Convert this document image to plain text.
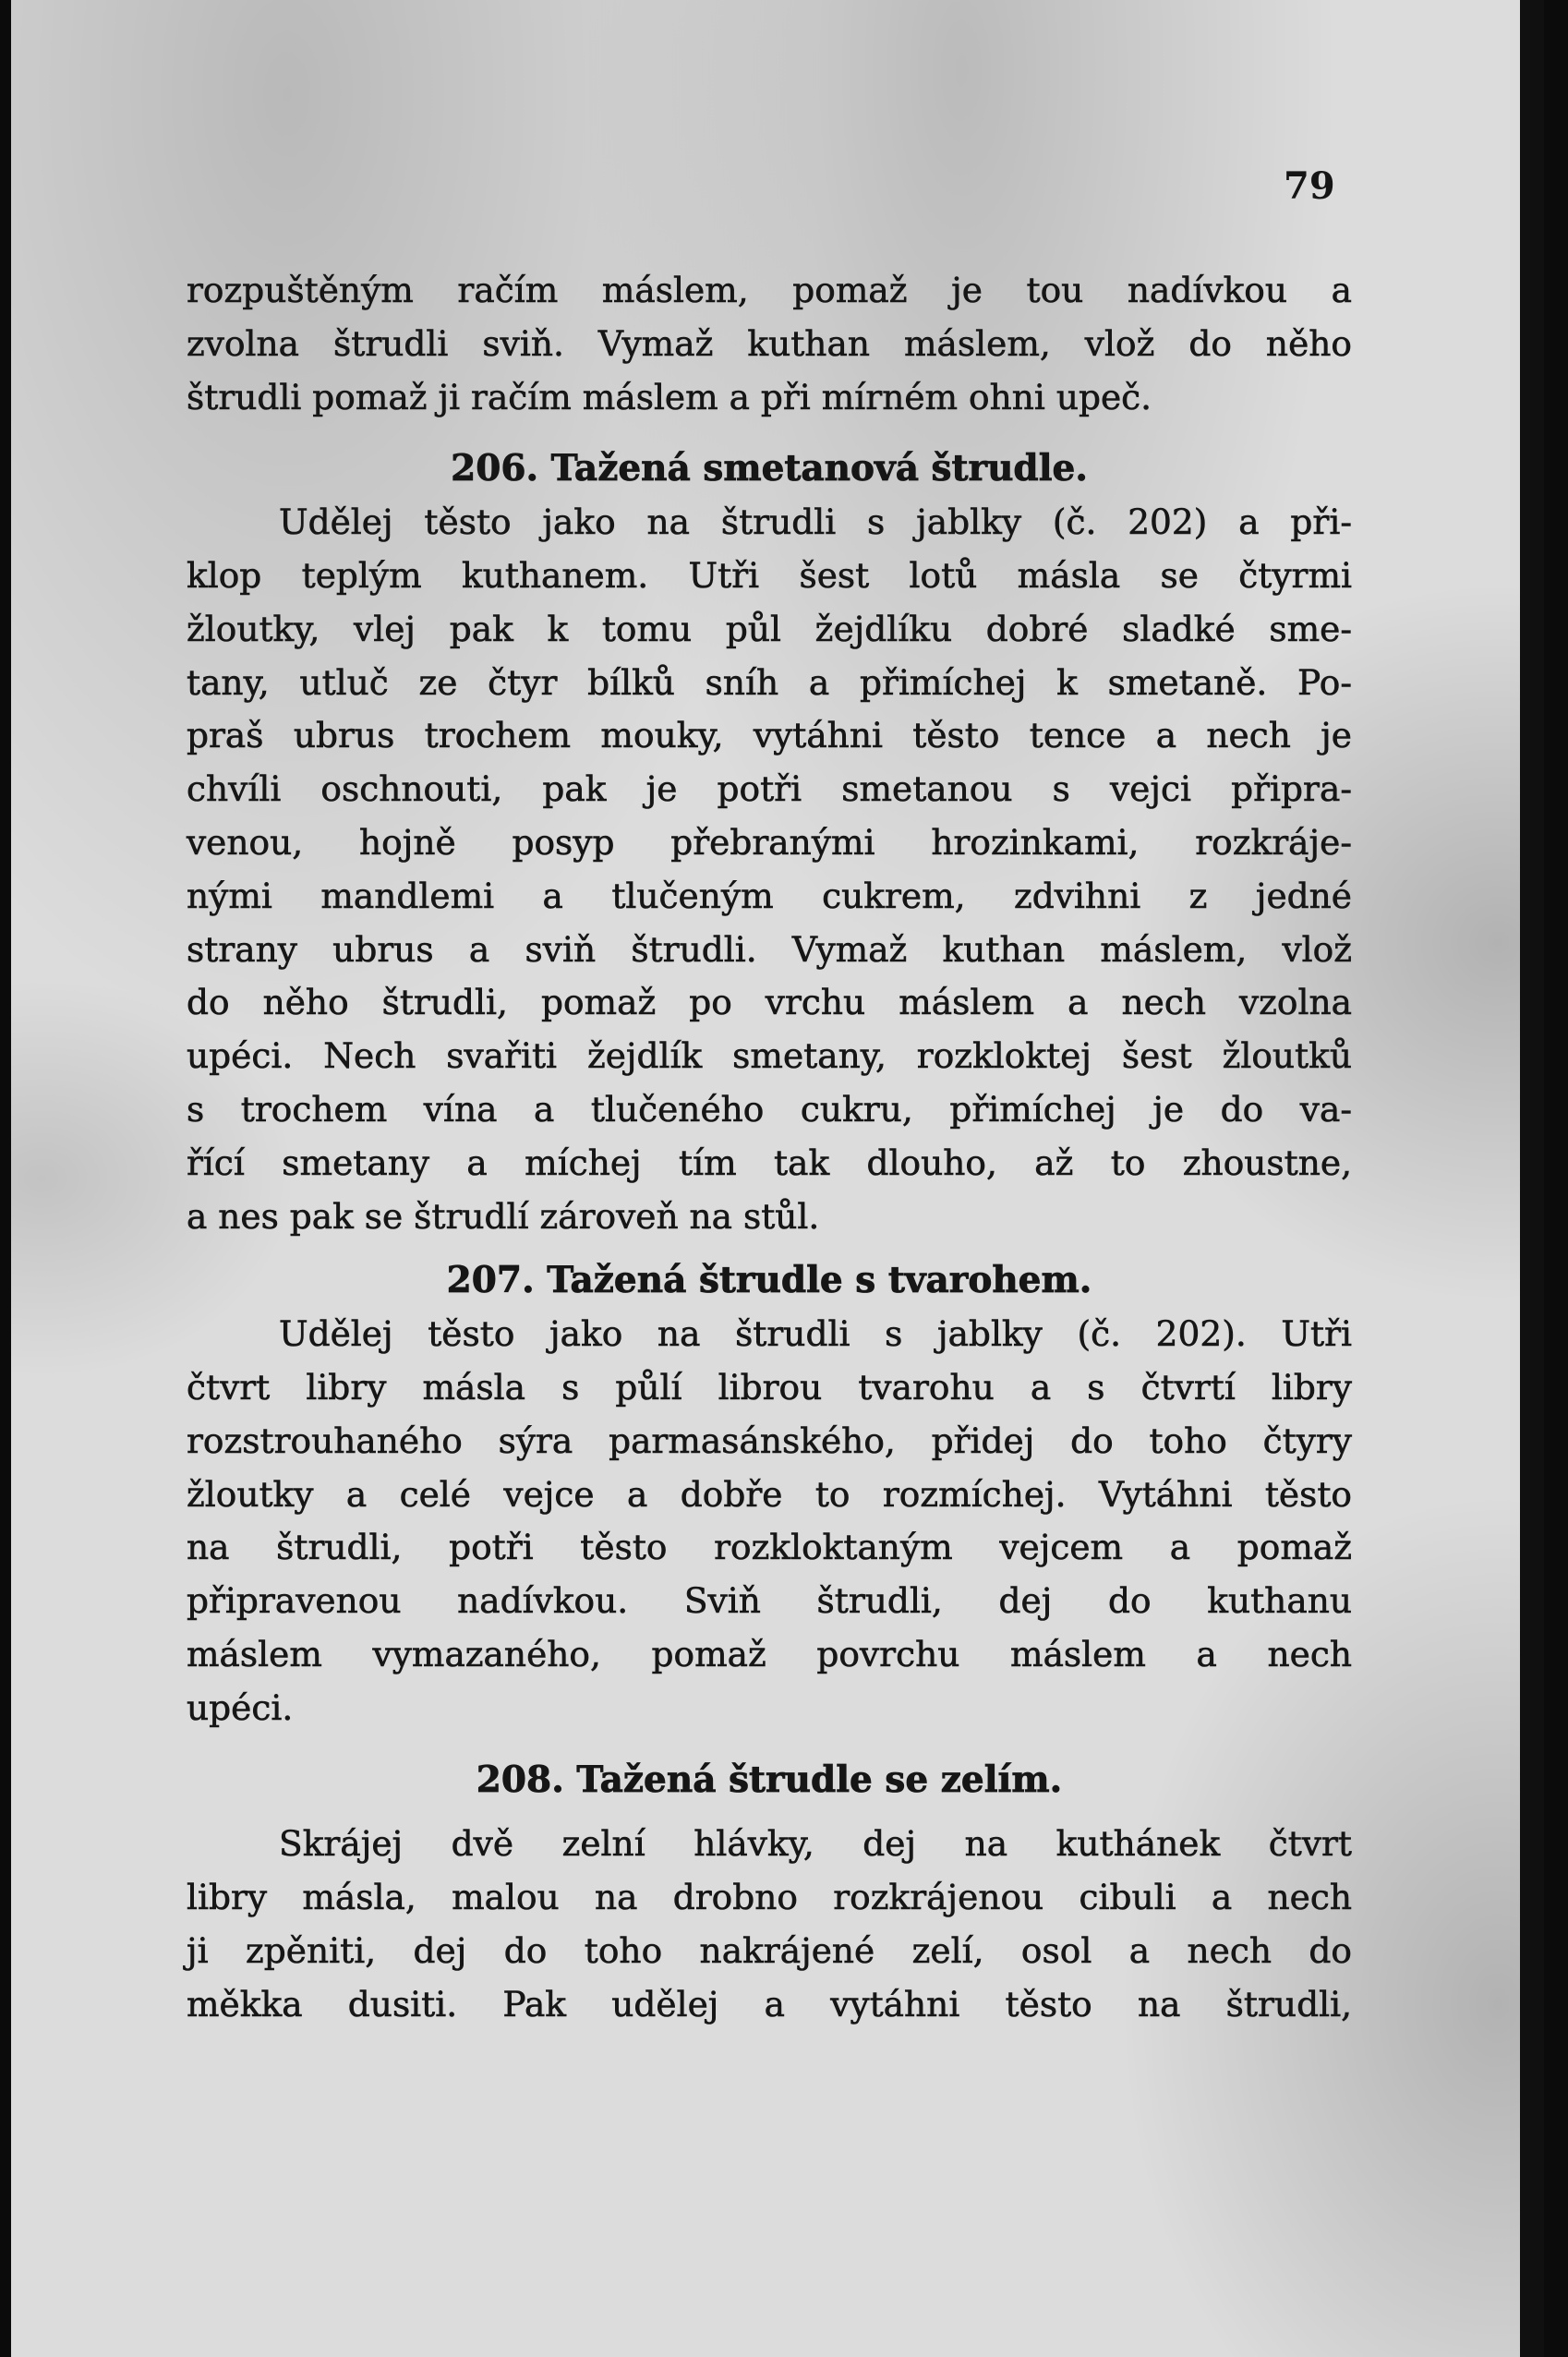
79
rozpuštěným račím máslem, pomaž je tou nadívkou a
zvolna štrudli sviň. Vymaž kuthan máslem, vlož do něho
štrudli pomaž ji račím máslem a při mírném ohni upeč.
206. Tažená smetanová štrudle.
Udělej těsto jako na štrudli s jablky (č. 202) a při-
klop teplým kuthanem. Utři šest lotů másla se čtyrmi
žloutky, vlej pak k tomu půl žejdlíku dobré sladké sme-
tany, utluč ze čtyr bílků sníh a přimíchej k smetaně. Po-
praš ubrus trochem mouky, vytáhni těsto tence a nech je
chvíli oschnouti, pak je potři smetanou s vejci připra-
venou, hojně posyp přebranými hrozinkami, rozkráje-
nými mandlemi a tlučeným cukrem, zdvihni z jedné
strany ubrus a sviň štrudli. Vymaž kuthan máslem, vlož
do něho štrudli, pomaž po vrchu máslem a nech vzolna
upéci. Nech svařiti žejdlík smetany, rozkloktej šest žloutků
s trochem vína a tlučeného cukru, přimíchej je do va-
řící smetany a míchej tím tak dlouho, až to zhoustne,
a nes pak se štrudlí zároveň na stůl.
207. Tažená štrudle s tvarohem.
Udělej těsto jako na štrudli s jablky (č. 202). Utři
čtvrt libry másla s půlí librou tvarohu a s čtvrtí libry
rozstrouhaného sýra parmasánského, přidej do toho čtyry
žloutky a celé vejce a dobře to rozmíchej. Vytáhni těsto
na štrudli, potři těsto rozkloktaným vejcem a pomaž
připravenou nadívkou. Sviň štrudli, dej do kuthanu
máslem vymazaného, pomaž povrchu máslem a nech
upéci.
208. Tažená štrudle se zelím.
Skrájej dvě zelní hlávky, dej na kuthánek čtvrt
libry másla, malou na drobno rozkrájenou cibuli a nech
ji zpěniti, dej do toho nakrájené zelí, osol a nech do
měkka dusiti. Pak udělej a vytáhni těsto na štrudli,
